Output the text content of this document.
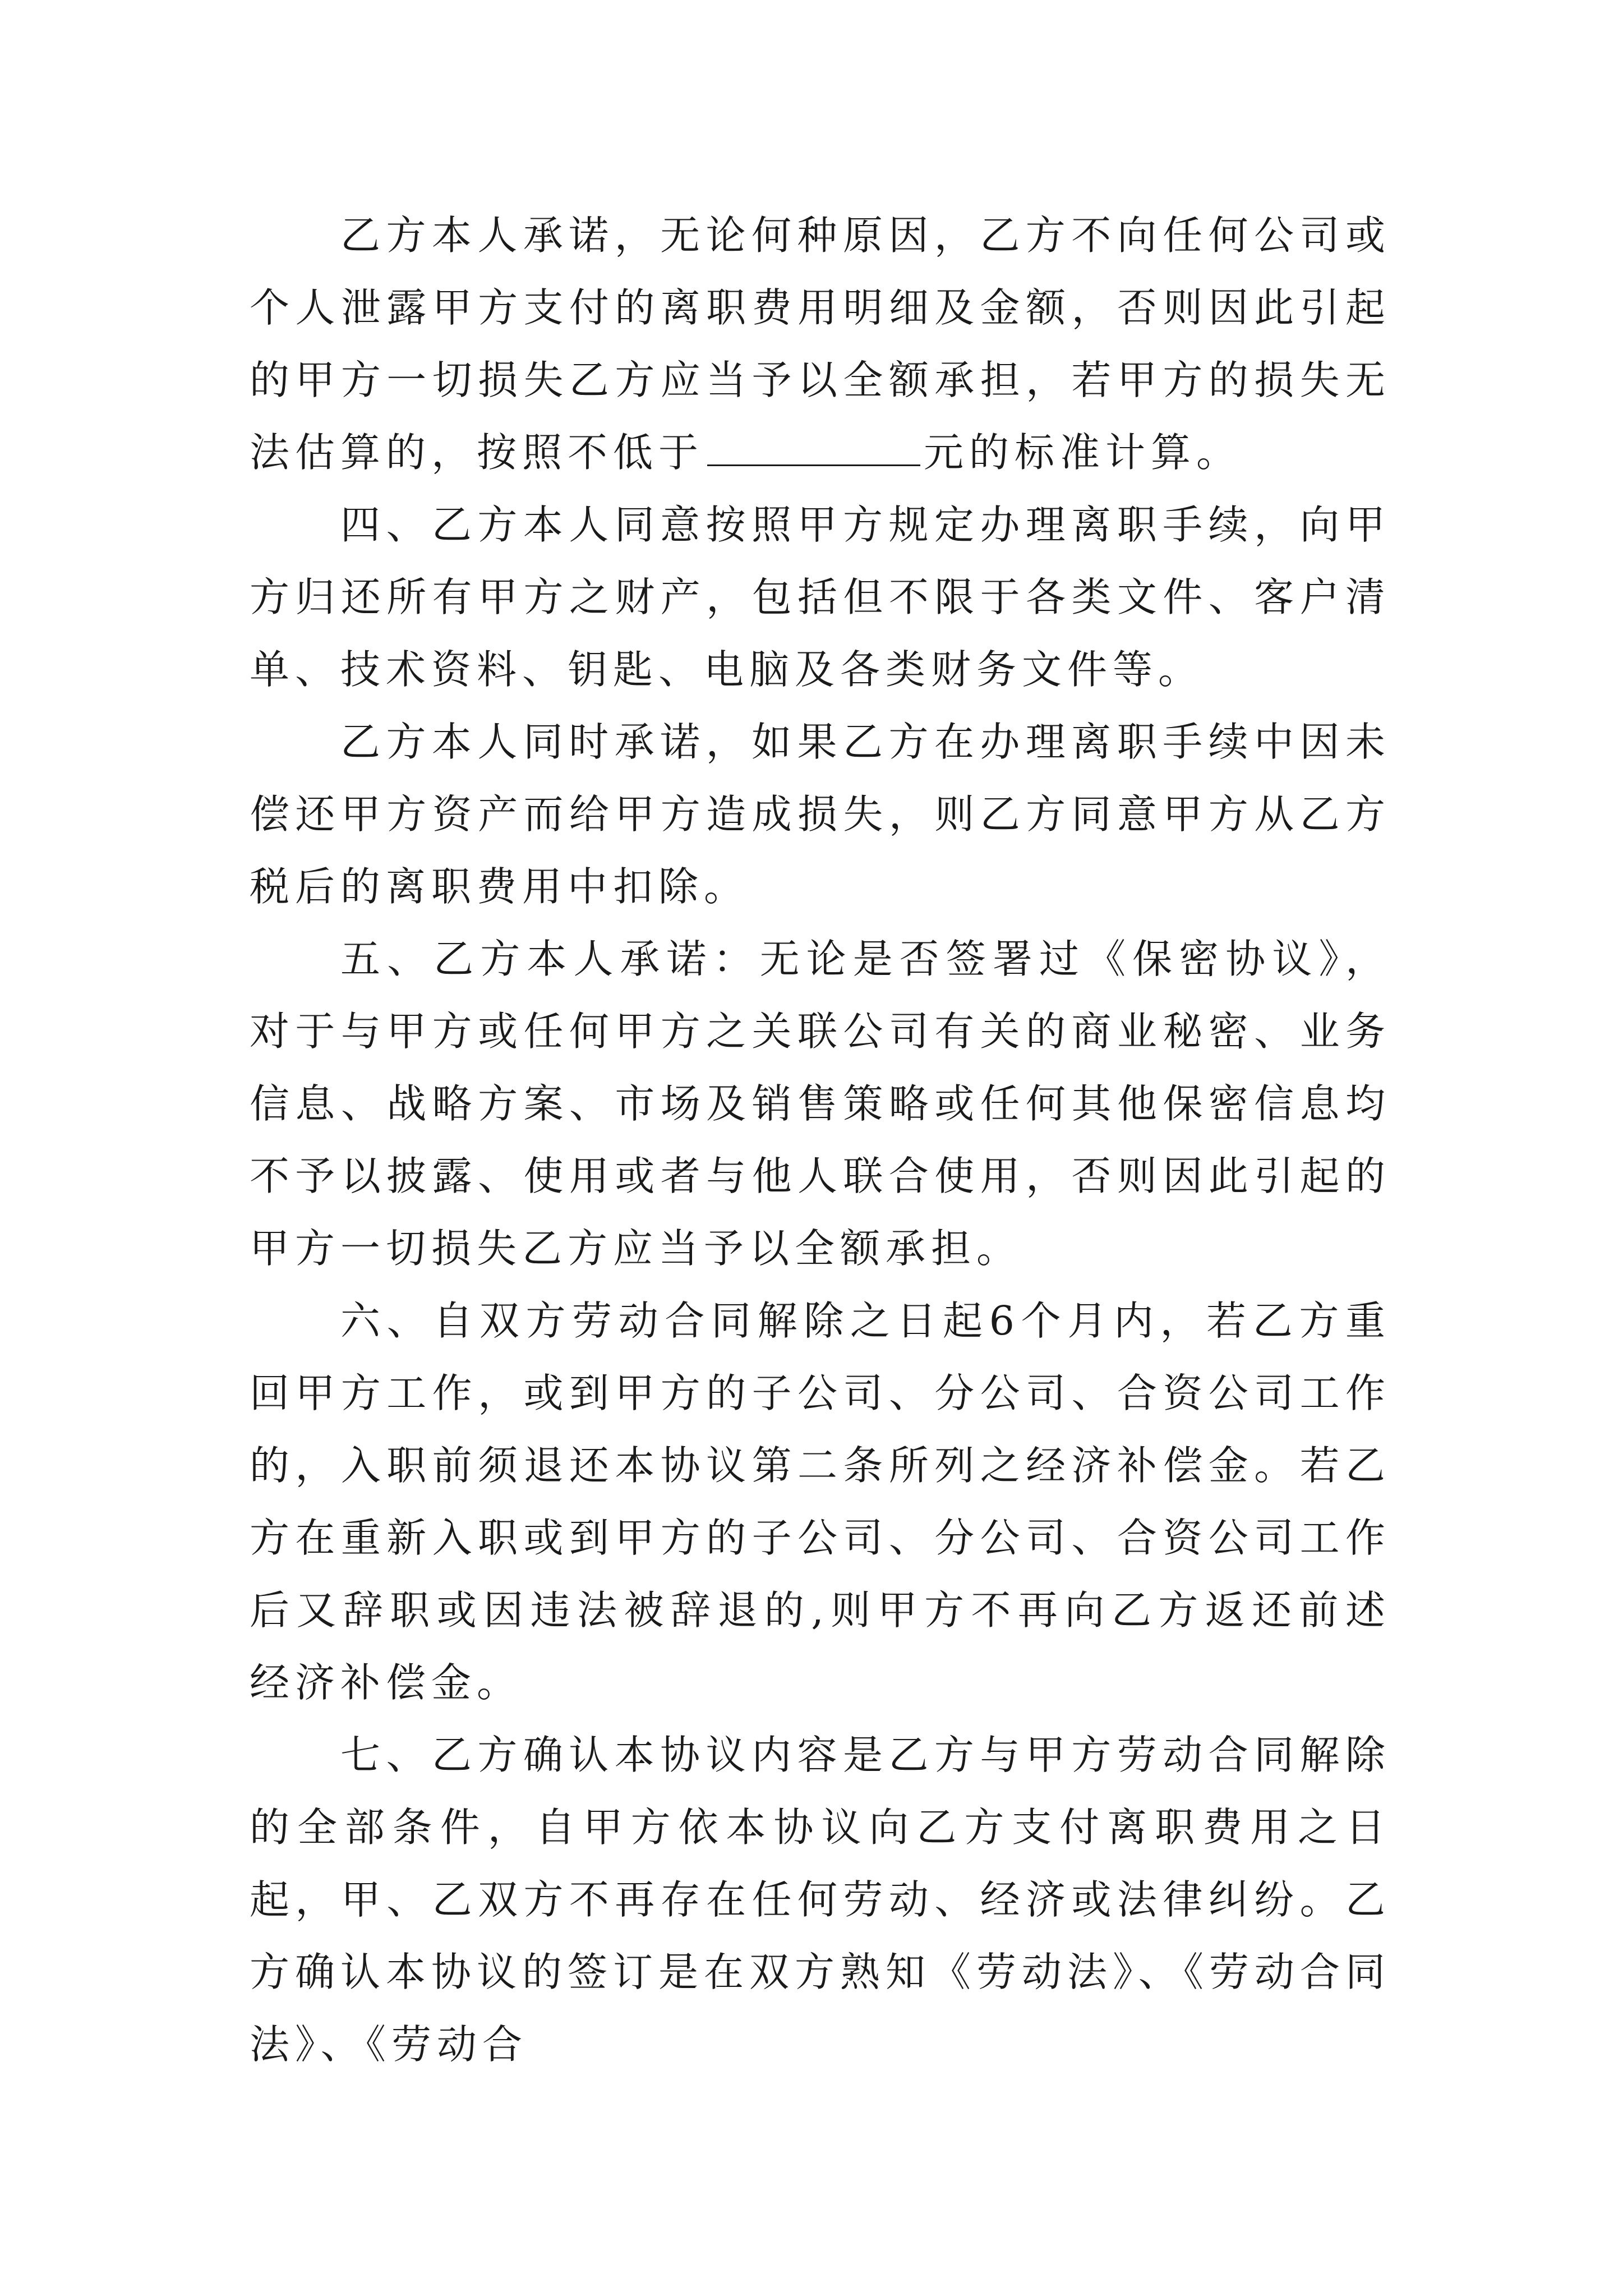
乙方本人承诺，无论何种原因，乙方不向任何公司或个人泄露甲方支付的离职费用明细及金额，否则因此引起的甲方一切损失乙方应当予以全额承担，若甲方的损失无法估算的，按照不低于	元的标准计算。

四、乙方本人同意按照甲方规定办理离职手续，向甲方归还所有甲方之财产，包括但不限于各类文件、客户清单、技术资料、钥匙、电脑及各类财务文件等。

乙方本人同时承诺，如果乙方在办理离职手续中因未偿还甲方资产而给甲方造成损失，则乙方同意甲方从乙方税后的离职费用中扣除。

五、乙方本人承诺：无论是否签署过《保密协议》，对于与甲方或任何甲方之关联公司有关的商业秘密、业务信息、战略方案、市场及销售策略或任何其他保密信息均不予以披露、使用或者与他人联合使用，否则因此引起的甲方一切损失乙方应当予以全额承担。

六、自双方劳动合同解除之日起6个月内，若乙方重回甲方工作，或到甲方的子公司、分公司、合资公司工作的，入职前须退还本协议第二条所列之经济补偿金。若乙方在重新入职或到甲方的子公司、分公司、合资公司工作后又辞职或因违法被辞退的,则甲方不再向乙方返还前述经济补偿金。

七、乙方确认本协议内容是乙方与甲方劳动合同解除的全部条件，自甲方依本协议向乙方支付离职费用之日起，甲、乙双方不再存在任何劳动、经济或法律纠纷。乙方确认本协议的签订是在双方熟知《劳动法》、《劳动合同法》、《劳动合
